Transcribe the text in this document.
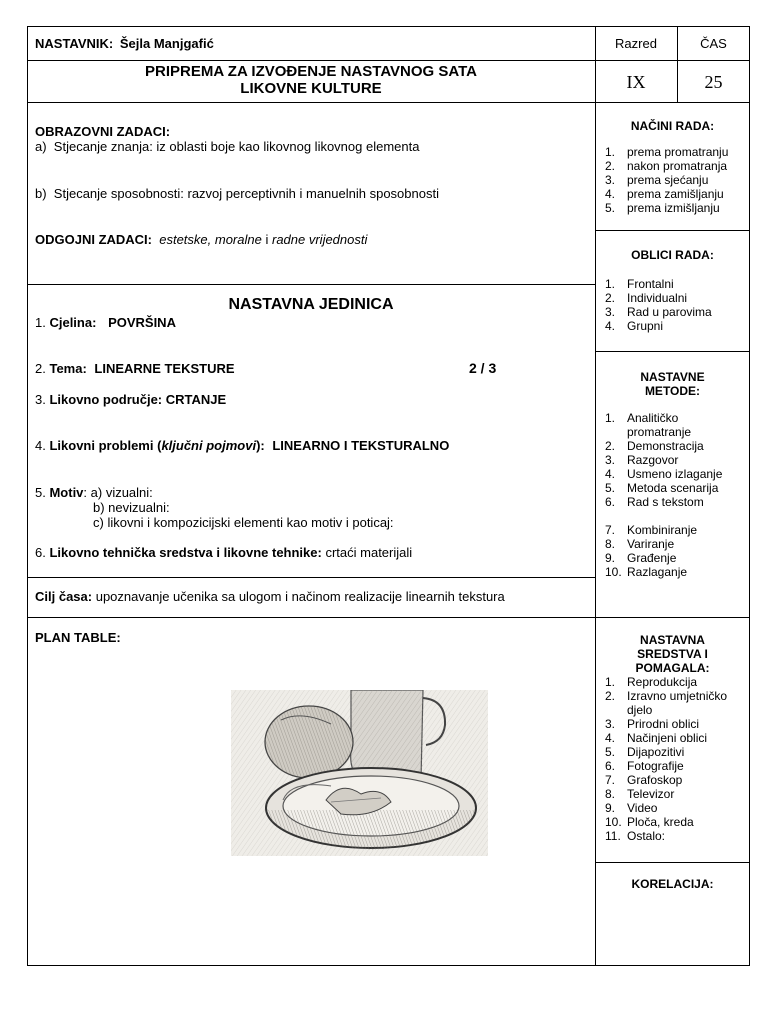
NASTAVNIK: Šejla Manjgafić	Razred	ČAS
PRIPREMA ZA IZVOĐENJE NASTAVNOG SATA
LIKOVNE KULTURE	IX	25
OBRAZOVNI ZADACI:
a) Stjecanje znanja: iz oblasti boje kao likovnog likovnog elementa
b) Stjecanje sposobnosti: razvoj perceptivnih i manuelnih sposobnosti
ODGOJNI ZADACI: estetske, moralne i radne vrijednosti
NASTAVNA JEDINICA
1. Cjelina: POVRŠINA
2. Tema: LINEARNE TEKSTURE	2 / 3
3. Likovno područje: CRTANJE
4. Likovni problemi (ključni pojmovi): LINEARNO I TEKSTURALNO
5. Motiv: a) vizualni:
b) nevizualni:
c) likovni i kompozicijski elementi kao motiv i poticaj:
6. Likovno tehnička sredstva i likovne tehnike: crtaći materijali
Cilj časa: upoznavanje učenika sa ulogom i načinom realizacije linearnih tekstura
PLAN TABLE:
NAČINI RADA:
1. prema promatranju
2. nakon promatranja
3. prema sjećanju
4. prema zamišljanju
5. prema izmišljanju
OBLICI RADA:
1. Frontalni
2. Individualni
3. Rad u parovima
4. Grupni
NASTAVNE
METODE:
1. Analitičko promatranje
2. Demonstracija
3. Razgovor
4. Usmeno izlaganje
5. Metoda scenarija
6. Rad s tekstom
7. Kombiniranje
8. Variranje
9. Građenje
10. Razlaganje
NASTAVNA
SREDSTVA I
POMAGALA:
1. Reprodukcija
2. Izravno umjetničko djelo
3. Prirodni oblici
4. Načinjeni oblici
5. Dijapozitivi
6. Fotografije
7. Grafoskop
8. Televizor
9. Video
10. Ploča, kreda
11. Ostalo:
KORELACIJA:
